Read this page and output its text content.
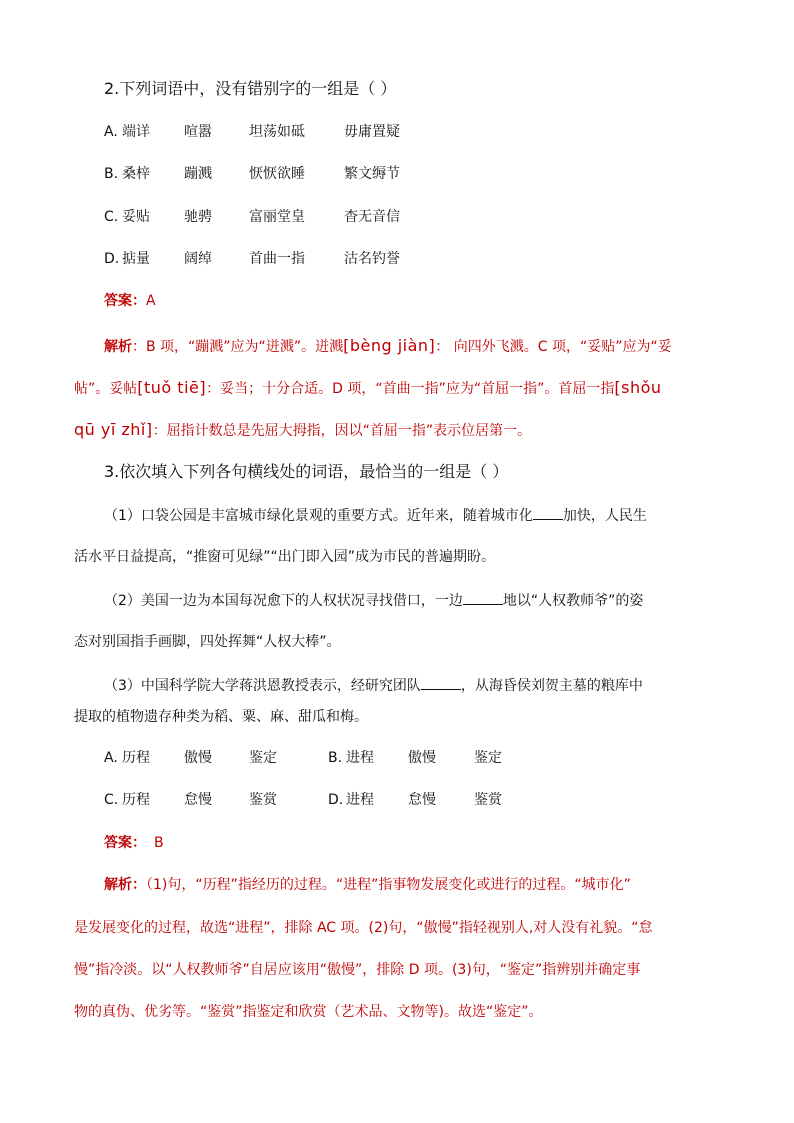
2.下列词语中，没有错别字的一组是（ ）
A. 端详 喧嚣	坦荡如砥	毋庸置疑
B. 桑梓 蹦溅	恹恹欲睡	繁文缛节
C. 妥贴 驰骋	富丽堂皇	杳无音信
D. 掂量 阔绰	首曲一指	沽名钓誉
答案：A
解析：B 项，“蹦溅”应为“迸溅”。迸溅[bèng jiàn]： 向四外飞溅。C 项，“妥贴”应为“妥
帖”。妥帖[tuǒ tiē]：妥当；十分合适。D 项，“首曲一指”应为“首屈一指”。首屈一指[shǒu
qū yī zhǐ]：屈指计数总是先屈大拇指，因以“首屈一指”表示位居第一。
3.依次填入下列各句横线处的词语，最恰当的一组是（ ）
（1）口袋公园是丰富城市绿化景观的重要方式。近年来，随着城市化 加快，人民生
活水平日益提高，“推窗可见绿”“出门即入园”成为市民的普遍期盼。
（2）美国一边为本国每况愈下的人权状况寻找借口，一边	地以“人权教师爷”的姿
态对别国指手画脚，四处挥舞“人权大棒”。
（3）中国科学院大学蒋洪恩教授表示，经研究团队	，从海昏侯刘贺主墓的粮库中
提取的植物遗存种类为稻、粟、麻、甜瓜和梅。
A. 历程 傲慢	鉴定	B. 进程 傲慢	鉴定
C. 历程 怠慢	鉴赏	D. 进程 怠慢	鉴赏
答案： B
解析：（1)句，“历程”指经历的过程。“进程”指事物发展变化或进行的过程。“城市化”
是发展变化的过程，故选“进程”，排除 AC 项。(2)句，“傲慢”指轻视别人,对人没有礼貌。“怠
慢”指冷淡。以“人权教师爷”自居应该用“傲慢”，排除 D 项。(3)句，“鉴定”指辨别并确定事
物的真伪、优劣等。“鉴赏”指鉴定和欣赏（艺术品、文物等)。故选“鉴定”。
